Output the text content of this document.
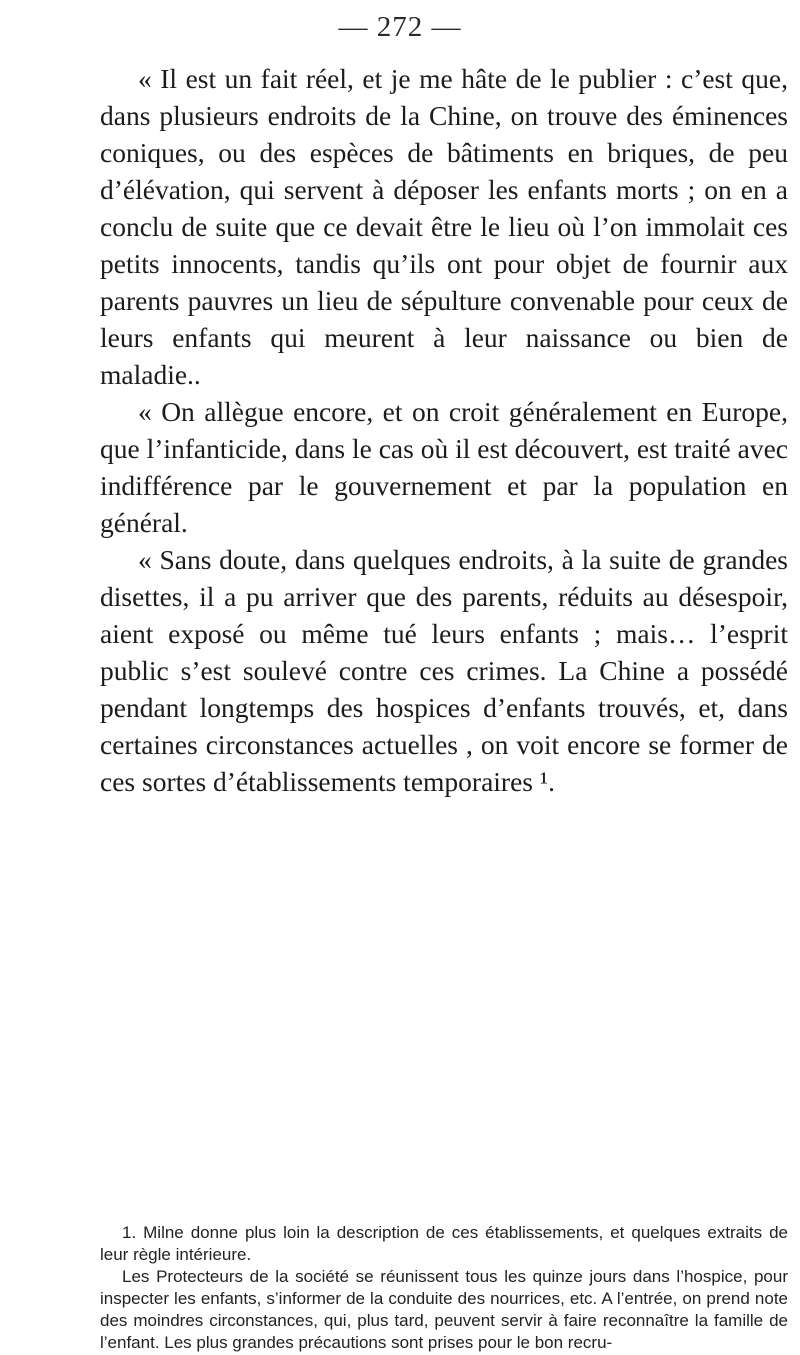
— 272 —

« Il est un fait réel, et je me hâte de le publier : c’est que, dans plusieurs endroits de la Chine, on trouve des éminences coniques, ou des espèces de bâtiments en briques, de peu d’élévation, qui servent à déposer les enfants morts ; on en a conclu de suite que ce devait être le lieu où l’on immolait ces petits innocents, tandis qu’ils ont pour objet de fournir aux parents pauvres un lieu de sépulture convenable pour ceux de leurs enfants qui meurent à leur naissance ou bien de maladie..

« On allègue encore, et on croit généralement en Europe, que l’infanticide, dans le cas où il est découvert, est traité avec indifférence par le gouvernement et par la population en général.

« Sans doute, dans quelques endroits, à la suite de grandes disettes, il a pu arriver que des parents, réduits au désespoir, aient exposé ou même tué leurs enfants ; mais… l’esprit public s’est soulevé contre ces crimes. La Chine a possédé pendant longtemps des hospices d’enfants trouvés, et, dans certaines circonstances actuelles , on voit encore se former de ces sortes d’établissements temporaires ¹.

1. Milne donne plus loin la description de ces établissements, et quelques extraits de leur règle intérieure.

Les Protecteurs de la société se réunissent tous les quinze jours dans l’hospice, pour inspecter les enfants, s’informer de la conduite des nourrices, etc. A l’entrée, on prend note des moindres circonstances, qui, plus tard, peuvent servir à faire reconnaître la famille de l’enfant. Les plus grandes précautions sont prises pour le bon recru-
